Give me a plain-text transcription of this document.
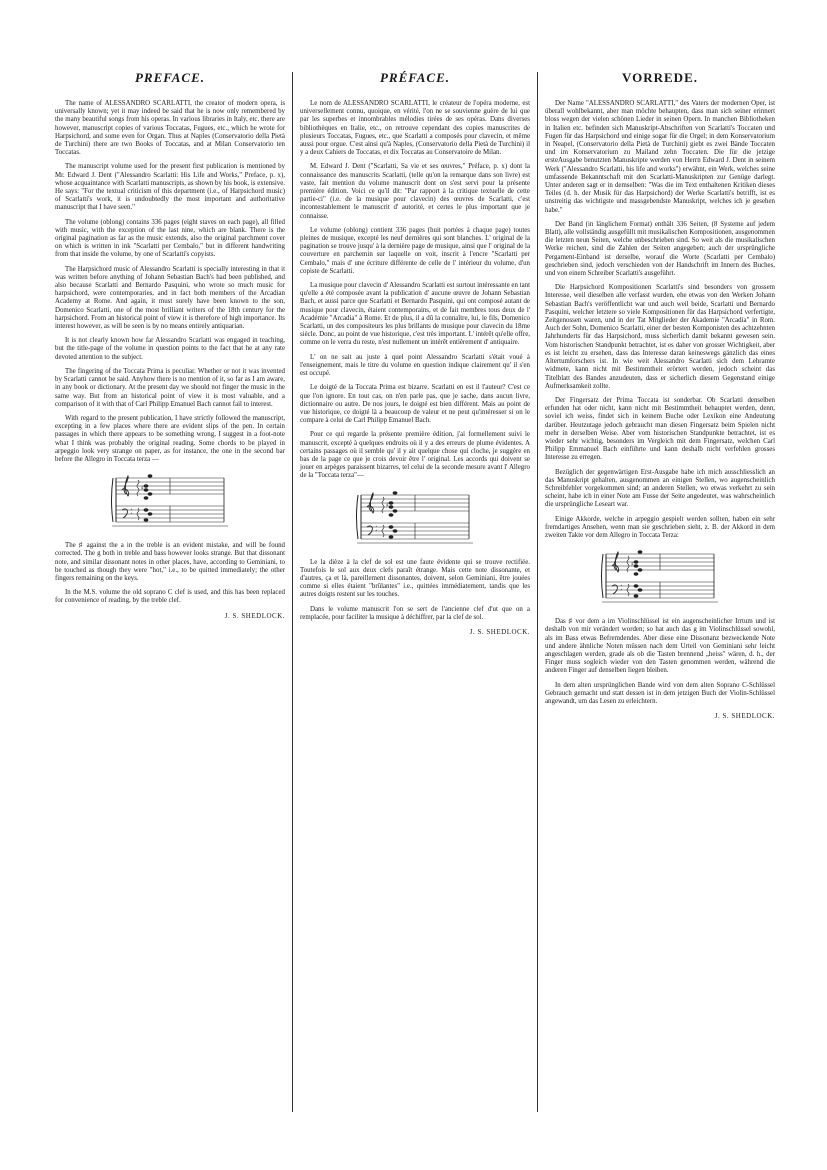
PREFACE.

The name of ALESSANDRO SCARLATTI, the creator of modern opera, is universally known; yet it may indeed be said that he is now only remembered by the many beautiful songs from his operas. In various libraries in Italy, etc. there are however, manuscript copies of various Toccatas, Fugues, etc., which he wrote for Harpsichord, and some even for Organ. Thus at Naples (Conservatorio della Pietà de Turchini) there are two Books of Toccatas, and at Milan Conservatorio ten Toccatas.

The manuscript volume used for the present first publication is mentioned by Mr. Edward J. Dent ("Alessandro Scarlatti: His Life and Works," Preface, p. x), whose acquaintance with Scarlatti manuscripts, as shown by his book, is extensive. He says: "For the textual criticism of this department (i.e., of Harpsichord music) of Scarlatti's work, it is undoubtedly the most important and authoritative manuscript that I have seen."

The volume (oblong) contains 336 pages (eight staves on each page), all filled with music, with the exception of the last nine, which are blank. There is the original pagination as far as the music extends, also the original parchment cover on which is written in ink "Scarlatti per Cembalo," but in different handwriting from that inside the volume, by one of Scarlatti's copyists.

The Harpsichord music of Alessandro Scarlatti is specially interesting in that it was written before anything of Johann Sebastian Bach's had been published, and also because Scarlatti and Bernardo Pasquini, who wrote so much music for harpsichord, were contemporaries, and in fact both members of the Arcadian Academy at Rome. And again, it must surely have been known to the son, Domenico Scarlatti, one of the most brilliant writers of the 18th century for the harpsichord. From an historical point of view it is therefore of high importance. Its interest however, as will be seen is by no means entirely antiquarian.

It is not clearly known how far Alessandro Scarlatti was engaged in teaching, but the title-page of the volume in question points to the fact that he at any rate devoted attention to the subject.

The fingering of the Toccata Prima is peculiar. Whether or not it was invented by Scarlatti cannot be said. Anyhow there is no mention of it, so far as I am aware, in any book or dictionary. At the present day we should not finger the music in the same way. But from an historical point of view it is most valuable, and a comparison of it with that of Carl Philipp Emanuel Bach cannot fail to interest.

With regard to the present publication, I have strictly followed the manuscript, excepting in a few places where there are evident slips of the pen. In certain passages in which there appears to be something wrong, I suggest in a foot-note what I think was probably the original reading. Some chords to be played in arpeggio look very strange on paper, as for instance, the one in the second bar before the Allegro in Toccata terza —

♯

The ♯ against the a in the treble is an evident mistake, and will be found corrected. The g both in treble and bass however looks strange. But that dissonant note, and similar dissonant notes in other places, have, according to Geminiani, to be touched as though they were "hot," i.e., to be quitted immediately; the other fingers remaining on the keys.

In the M.S. volume the old soprano C clef is used, and this has been replaced for convenience of reading, by the treble clef.

J. S. SHEDLOCK.
PRÉFACE.

Le nom de ALESSANDRO SCARLATTI, le créateur de l'opéra moderne, est universellement connu, quoique, en vérité, l'on ne se souvienne guère de lui que par les superbes et innombrables mélodies tirées de ses opéras. Dans diverses bibliothèques en Italie, etc., on retrouve cependant des copies manuscrites de plusieurs Toccatas, Fugues, etc., que Scarlatti a composés pour clavecin, et même aussi pour orgue. C'est ainsi qu'à Naples, (Conservatorio della Pietà de Turchini) il y a deux Cahiers de Toccatas, et dix Toccatas au Conservatoire de Milan.

M. Edward J. Dent ("Scarlatti, Sa vie et ses œuvres," Préface, p. x) dont la connaissance des manuscrits Scarlatti, (telle qu'on la remarque dans son livre) est vaste, fait mention du volume manuscrit dont on s'est servi pour la présente première édition. Voici ce qu'il dit: "Par rapport à la critique textuelle de cette partie-ci" (i.e. de la musique pour clavecin) des œuvres de Scarlatti, c'est incontestablement le manuscrit d' autorité, et certes le plus important que je connaisse.

Le volume (oblong) contient 336 pages (huit portées à chaque page) toutes pleines de musique, excepté les neuf dernières qui sont blanches. L' original de la pagination se trouve jusqu' à la dernière page de musique, ainsi que l' original de la couverture en parchemin sur laquelle on voit, inscrit à l'encre "Scarlatti per Cembalo," mais d' une écriture différente de celle de l' intérieur du volume, d'un copiste de Scarlatti.

La musique pour clavecin d' Alessandro Scarlatti est surtout intéressante en tant qu'elle a été composée avant la publication d' aucune œuvre de Johann Sebastian Bach, et aussi parce que Scarlatti et Bernardo Pasquini, qui ont composé autant de musique pour clavecin, étaient contemporains, et de fait membres tous deux de l' Académie "Arcadia" à Rome. Et de plus, il a dû la connaître, lui, le fils, Domenico Scarlatti, un des compositeurs les plus brillants de musique pour clavecin du 18me siècle. Donc, au point de vue historique, c'est très important. L' intérêt qu'elle offre, comme on le verra du reste, n'est nullement un intérêt entièrement d' antiquaire.

L' on ne sait au juste à quel point Alessandro Scarlatti s'était voué à l'enseignement, mais le titre du volume en question indique clairement qu' il s'en est occupé.

Le doigté de la Toccata Prima est bizarre. Scarlatti en est il l'auteur? C'est ce que l'on ignore. En tout cas, on n'en parle pas, que je sache, dans aucun livre, dictionnaire ou autre. De nos jours, le doigté est bien différent. Mais au point de vue historique, ce doigté là a beaucoup de valeur et ne peut qu'intéresser si on le compare à celui de Carl Philipp Emanuel Bach.

Pour ce qui regarde la présente première édition, j'ai formellement suivi le manuscrit, excepté à quelques endroits où il y a des erreurs de plume évidentes. A certains passages où il semble qu' il y ait quelque chose qui cloche, je suggère en bas de la page ce que je crois devoir être l' original. Les accords qui doivent se jouer en arpèges paraissent bizarres, tel celui de la seconde mesure avant l' Allegro de la "Toccata terza"—

♯

Le la dièze à la clef de sol est une faute évidente qui se trouve rectifiée. Toutefois le sol aux deux clefs paraît étrange. Mais cette note dissonante, et d'autres, ça et là, pareillement dissonantes, doivent, selon Geminiani, être jouées comme si elles étaient "brûlantes" i.e., quittées immédiatement, tandis que les autres doigts restent sur les touches.

Dans le volume manuscrit l'on se sert de l'ancienne clef d'ut que on a remplacée, pour faciliter la musique à déchiffrer, par la clef de sol.

J. S. SHEDLOCK.
VORREDE.

Der Name "ALESSANDRO SCARLATTI," des Vaters der modernen Oper, ist überall wohlbekannt, aber man möchte behaupten, dass man sich seiner erinnert bloss wegen der vielen schönen Lieder in seinen Opern. In manchen Bibliotheken in Italien etc. befinden sich Manuskript-Abschriften von Scarlatti's Toccaten und Fugen für das Harpsichord und einige sogar für die Orgel; in dem Konservatorium in Neapel, (Conservatorio della Pietà de Turchini) giebt es zwei Bände Toccaten und im Konservatorium zu Mailand zehn Toccaten. Die für die jetzige ersteAusgabe benutzten Manuskripte werden von Herrn Edward J. Dent in seinem Werk ("Alessandro Scarlatti, his life and works") erwähnt, ein Werk, welches seine umfassende Bekanntschaft mit den Scarlatti-Manuskripten zur Genüge darlegt. Unter anderen sagt er in demselben: "Was die im Text enthaltenen Kritiken dieses Teiles (d. h. der Musik für das Harpsichord) der Werke Scarlatti's betrifft, ist es unstreitig das wichtigste und massgebendste Manuskript, welches ich je gesehen habe."

Der Band (in länglichem Format) enthält 336 Seiten, (8 Systeme auf jedem Blatt), alle vollständig ausgefüllt mit musikalischen Kompositionen, ausgenommen die letzten neun Seiten, welche unbeschrieben sind. So weit als die musikalischen Werke reichen, sind die Zahlen der Seiten angegeben; auch der ursprüngliche Pergament-Einband ist derselbe, worauf die Worte (Scarlatti per Cembalo) geschrieben sind, jedoch verschieden von der Handschrift im Innern des Buches, und von einem Schreiber Scarlatti's ausgeführt.

Die Harpsichord Kompositionen Scarlatti's sind besonders von grossem Interesse, weil dieselben alle verfasst wurden, ehe etwas von den Werken Johann Sebastian Bach's veröffentlicht war und auch weil beide, Scarlatti und Bernardo Pasquini, welcher letztere so viele Kompositionen für das Harpsichord verfertigte, Zeitgenossen waren, und in der Tat Mitglieder der Akademie "Arcadia" in Rom. Auch der Sohn, Domenico Scarlatti, einer der besten Komponisten des achtzehnten Jahrhunderts für das Harpsichord, muss sicherlich damit bekannt gewesen sein. Vom historischen Standpunkt betrachtet, ist es daher von grosser Wichtigkeit, aber es ist leicht zu ersehen, dass das Interesse daran keineswegs gänzlich das eines Altertumforschers ist. In wie weit Alessandro Scarlatti sich dem Lehramte widmete, kann nicht mit Bestimmtheit erörtert werden, jedoch scheint das Titelblatt des Bandes anzudeuten, dass er sicherlich diesem Gegenstand einige Aufmerksamkeit zollte.

Der Fingersatz der Prima Toccata ist sonderbar. Ob Scarlatti denselben erfunden hat oder nicht, kann nicht mit Bestimmtheit behauptet werden, denn, soviel ich weiss, findet sich in keinem Buche oder Lexikon eine Andeutung darüber. Heutzutage jedoch gebraucht man diesen Fingersatz beim Spielen nicht mehr in derselben Weise. Aber vom historischen Standpunkte betrachtet, ist es wieder sehr wichtig, besonders im Vergleich mit dem Fingersatz, welchen Carl Philipp Emmanuel Bach einführte und kann deshalb nicht verfehlen grosses Interesse zu erregen.

Bezüglich der gegenwärtigen Erst-Ausgabe habe ich mich ausschliesslich an das Manuskript gehalten, ausgenommen an einigen Stellen, wo augenscheinlich Schreibfehler vorgekommen sind; an anderen Stellen, wo etwas verkehrt zu sein scheint, habe ich in einer Note am Fusse der Seite angedeutet, was wahrscheinlich die ursprüngliche Leseart war.

Einige Akkorde, welche in arpeggio gespielt werden sollten, haben ein sehr fremdartiges Ansehen, wenn man sie geschrieben sieht, z. B. der Akkord in dem zweiten Takte vor dem Allegro in Toccata Terza:

♯

Das ♯ vor dem a im Violinschlüssel ist ein augenscheinlicher Irrtum und ist deshalb von mir verändert worden; so hat auch das g im Violinschlüssel sowohl, als im Bass etwas Befremdendes. Aber diese eine Dissonanz bezweckende Note und andere ähnliche Noten müssen nach dem Urteil von Geminiani sehr leicht angeschlagen werden, grade als ob die Tasten brennend „heiss" wären, d. h., der Finger muss sogleich wieder von den Tasten genommen werden, während die anderen Finger auf denselben liegen bleiben.

In dem alten ursprünglichen Bande wird von dem alten Soprano C-Schlüssel Gebrauch gemacht und statt dessen ist in dem jetzigen Buch der Violin-Schlüssel angewandt, um das Lesen zu erleichtern.

J. S. SHEDLOCK.
